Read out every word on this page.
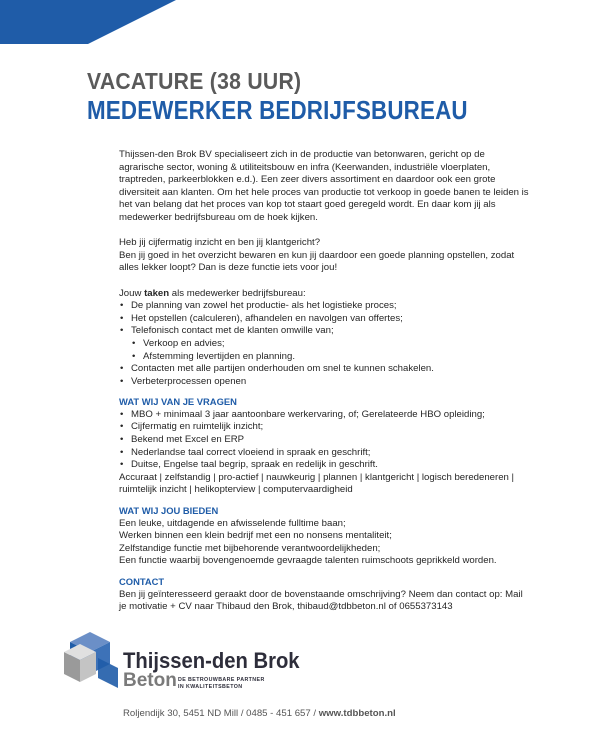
VACATURE (38 UUR)
MEDEWERKER BEDRIJFSBUREAU

Thijssen-den Brok BV specialiseert zich in de productie van betonwaren, gericht op de agrarische sector, woning & utiliteitsbouw en infra (Keerwanden, industriële vloerplaten, traptreden, parkeerblokken e.d.). Een zeer divers assortiment en daardoor ook een grote diversiteit aan klanten. Om het hele proces van productie tot verkoop in goede banen te leiden is het van belang dat het proces van kop tot staart goed geregeld wordt. En daar kom jij als medewerker bedrijfsbureau om de hoek kijken.

Heb jij cijfermatig inzicht en ben jij klantgericht?

Ben jij goed in het overzicht bewaren en kun jij daardoor een goede planning opstellen, zodat alles lekker loopt? Dan is deze functie iets voor jou!

Jouw taken als medewerker bedrijfsbureau:

• De planning van zowel het productie- als het logistieke proces;
• Het opstellen (calculeren), afhandelen en navolgen van offertes;
• Telefonisch contact met de klanten omwille van;
• Verkoop en advies;
• Afstemming levertijden en planning.
• Contacten met alle partijen onderhouden om snel te kunnen schakelen.
• Verbeterprocessen openen

WAT WIJ VAN JE VRAGEN

• MBO + minimaal 3 jaar aantoonbare werkervaring, of; Gerelateerde HBO opleiding;
• Cijfermatig en ruimtelijk inzicht;
• Bekend met Excel en ERP
• Nederlandse taal correct vloeiend in spraak en geschrift;
• Duitse, Engelse taal begrip, spraak en redelijk in geschrift.

Accuraat | zelfstandig | pro-actief | nauwkeurig | plannen | klantgericht | logisch beredeneren | ruimtelijk inzicht | helikopterview | computervaardigheid

WAT WIJ JOU BIEDEN

Een leuke, uitdagende en afwisselende fulltime baan;

Werken binnen een klein bedrijf met een no nonsens mentaliteit;

Zelfstandige functie met bijbehorende verantwoordelijkheden;

Een functie waarbij bovengenoemde gevraagde talenten ruimschoots geprikkeld worden.

CONTACT

Ben jij geïnteresseerd geraakt door de bovenstaande omschrijving? Neem dan contact op: Mail je motivatie + CV naar Thibaud den Brok, thibaud@tdbbeton.nl of 0655373143

Thijssen-den Brok
Beton DE BETROUWBARE PARTNER
IN KWALITEITSBETON
Roljendijk 30, 5451 ND Mill / 0485 - 451 657 / www.tdbbeton.nl
